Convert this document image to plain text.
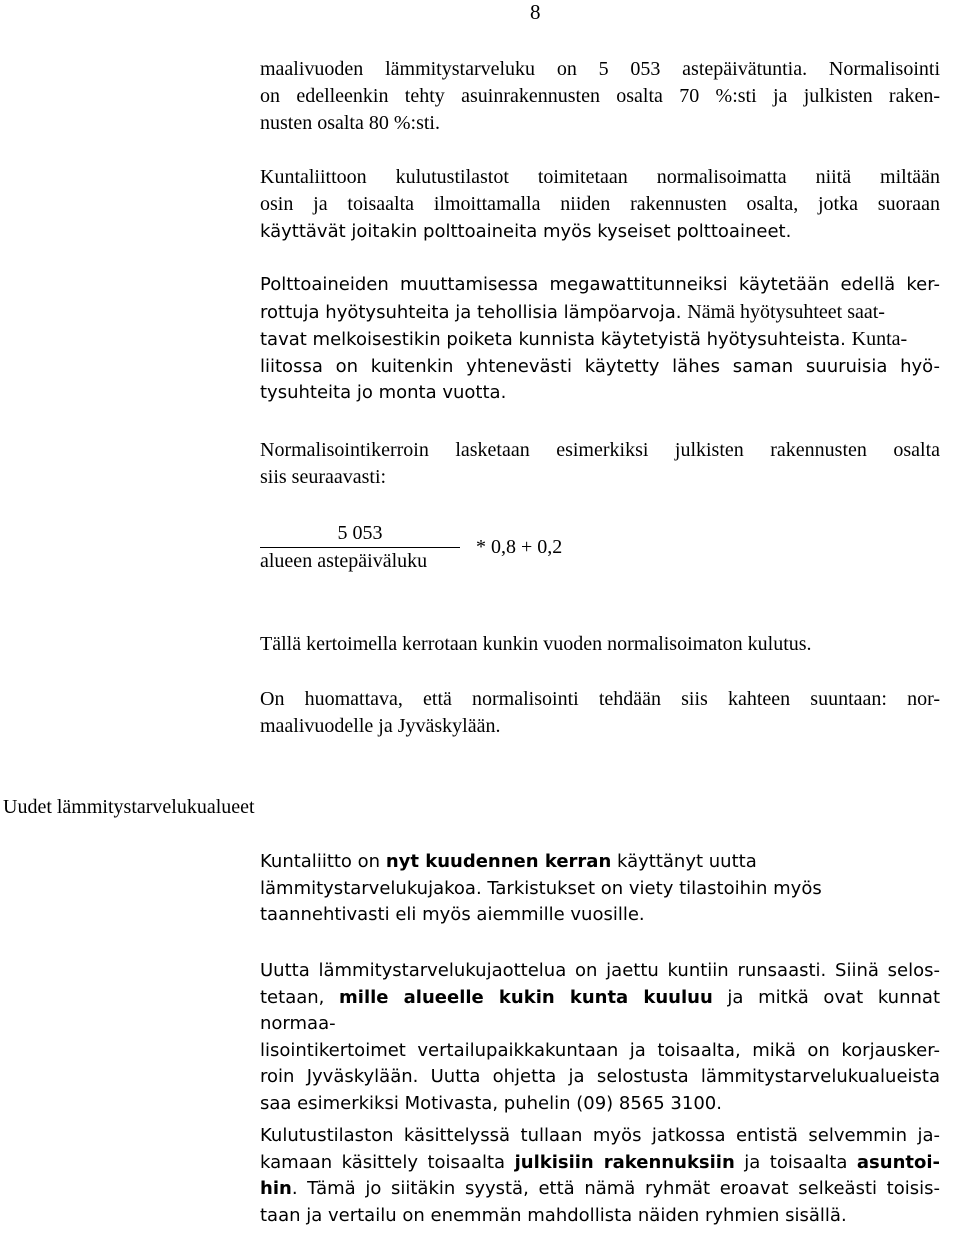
8
maalivuoden lämmitystarveluku on 5 053 astepäivätuntia. Normalisointi
on edelleenkin tehty asuinrakennusten osalta 70 %:sti ja julkisten raken-
nusten osalta 80 %:sti.
Kuntaliittoon kulutustilastot toimitetaan normalisoimatta niitä miltään
osin ja toisaalta ilmoittamalla niiden rakennusten osalta, jotka suoraan
käyttävät joitakin polttoaineita myös kyseiset polttoaineet.
Polttoaineiden muuttamisessa megawattitunneiksi käytetään edellä ker-
rottuja hyötysuhteita ja tehollisia lämpöarvoja. Nämä hyötysuhteet saat-
tavat melkoisestikin poiketa kunnista käytetyistä hyötysuhteista. Kunta-
liitossa on kuitenkin yhtenevästi käytetty lähes saman suuruisia hyö-
tysuhteita jo monta vuotta.
Normalisointikerroin lasketaan esimerkiksi julkisten rakennusten osalta
siis seuraavasti:
5 053
alueen astepäiväluku
* 0,8 + 0,2
Tällä kertoimella kerrotaan kunkin vuoden normalisoimaton kulutus.
On huomattava, että normalisointi tehdään siis kahteen suuntaan: nor-
maalivuodelle ja Jyväskylään.
Uudet lämmitystarvelukualueet
Kuntaliitto on nyt kuudennen kerran käyttänyt uutta
lämmitystarvelukujakoa. Tarkistukset on viety tilastoihin myös
taannehtivasti eli myös aiemmille vuosille.
Uutta lämmitystarvelukujaottelua on jaettu kuntiin runsaasti. Siinä selos-
tetaan, mille alueelle kukin kunta kuuluu ja mitkä ovat kunnat normaa-
lisointikertoimet vertailupaikkakuntaan ja toisaalta, mikä on korjausker-
roin Jyväskylään. Uutta ohjetta ja selostusta lämmitystarvelukualueista
saa esimerkiksi Motivasta, puhelin (09) 8565 3100.
Kulutustilaston käsittelyssä tullaan myös jatkossa entistä selvemmin ja-
kamaan käsittely toisaalta julkisiin rakennuksiin ja toisaalta asuntoi-
hin. Tämä jo siitäkin syystä, että nämä ryhmät eroavat selkeästi toisis-
taan ja vertailu on enemmän mahdollista näiden ryhmien sisällä.
